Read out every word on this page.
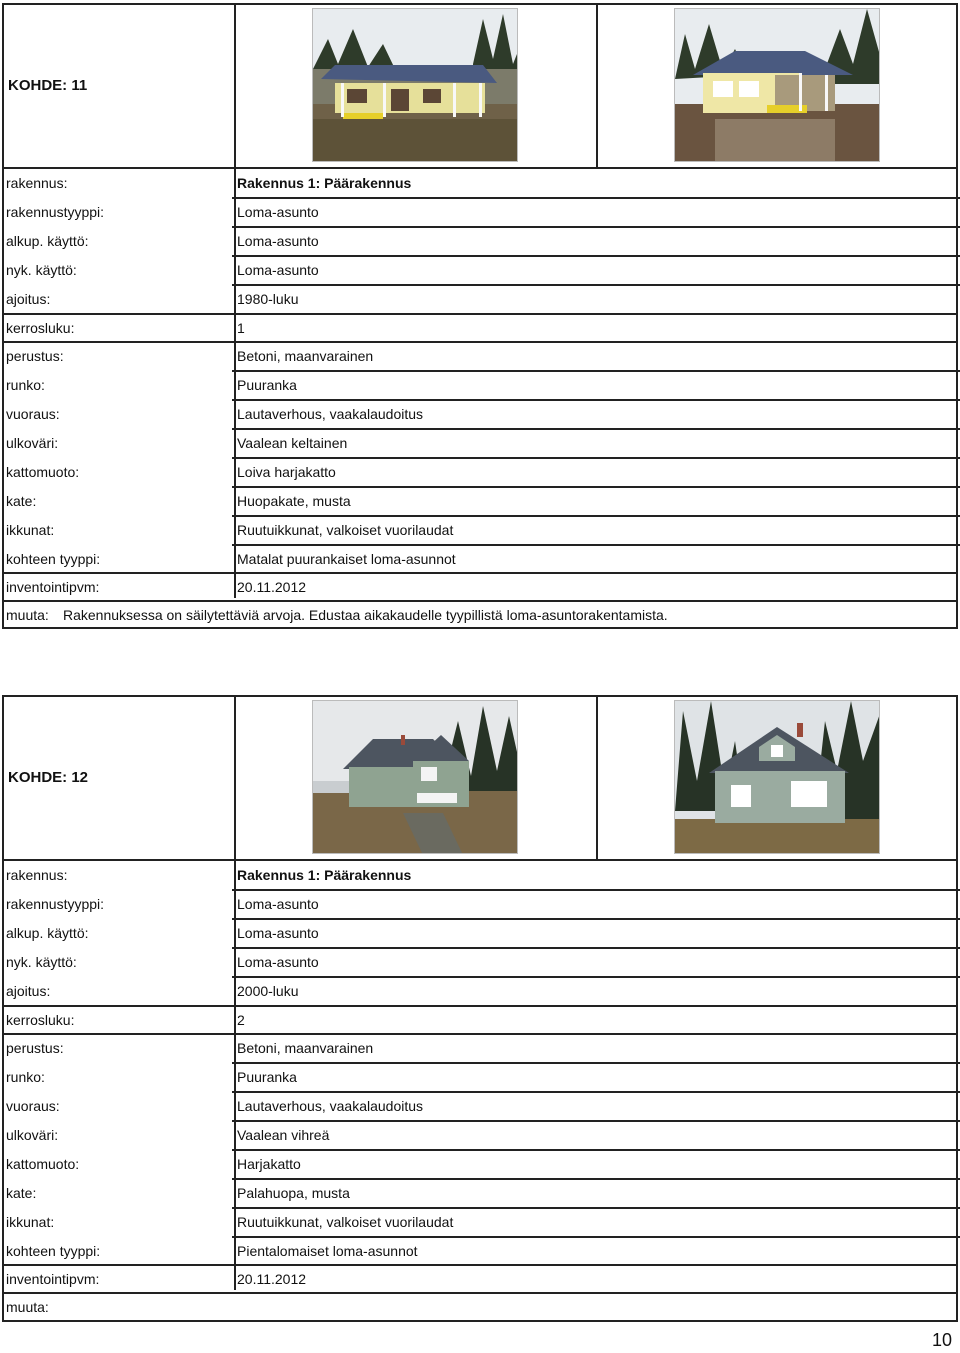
KOHDE: 11
rakennus:	Rakennus 1: Päärakennus
rakennustyyppi:	Loma-asunto
alkup. käyttö:	Loma-asunto
nyk. käyttö:	Loma-asunto
ajoitus:	1980-luku
kerrosluku:	1
perustus:	Betoni, maanvarainen
runko:	Puuranka
vuoraus:	Lautaverhous, vaakalaudoitus
ulkoväri:	Vaalean keltainen
kattomuoto:	Loiva harjakatto
kate:	Huopakate, musta
ikkunat:	Ruutuikkunat, valkoiset vuorilaudat
kohteen tyyppi:	Matalat puurankaiset loma-asunnot
inventointipvm:	20.11.2012
muuta: Rakennuksessa on säilytettäviä arvoja. Edustaa aikakaudelle tyypillistä loma-asuntorakentamista.
KOHDE: 12
rakennus:	Rakennus 1: Päärakennus
rakennustyyppi:	Loma-asunto
alkup. käyttö:	Loma-asunto
nyk. käyttö:	Loma-asunto
ajoitus:	2000-luku
kerrosluku:	2
perustus:	Betoni, maanvarainen
runko:	Puuranka
vuoraus:	Lautaverhous, vaakalaudoitus
ulkoväri:	Vaalean vihreä
kattomuoto:	Harjakatto
kate:	Palahuopa, musta
ikkunat:	Ruutuikkunat, valkoiset vuorilaudat
kohteen tyyppi:	Pientalomaiset loma-asunnot
inventointipvm:	20.11.2012
muuta:
10
